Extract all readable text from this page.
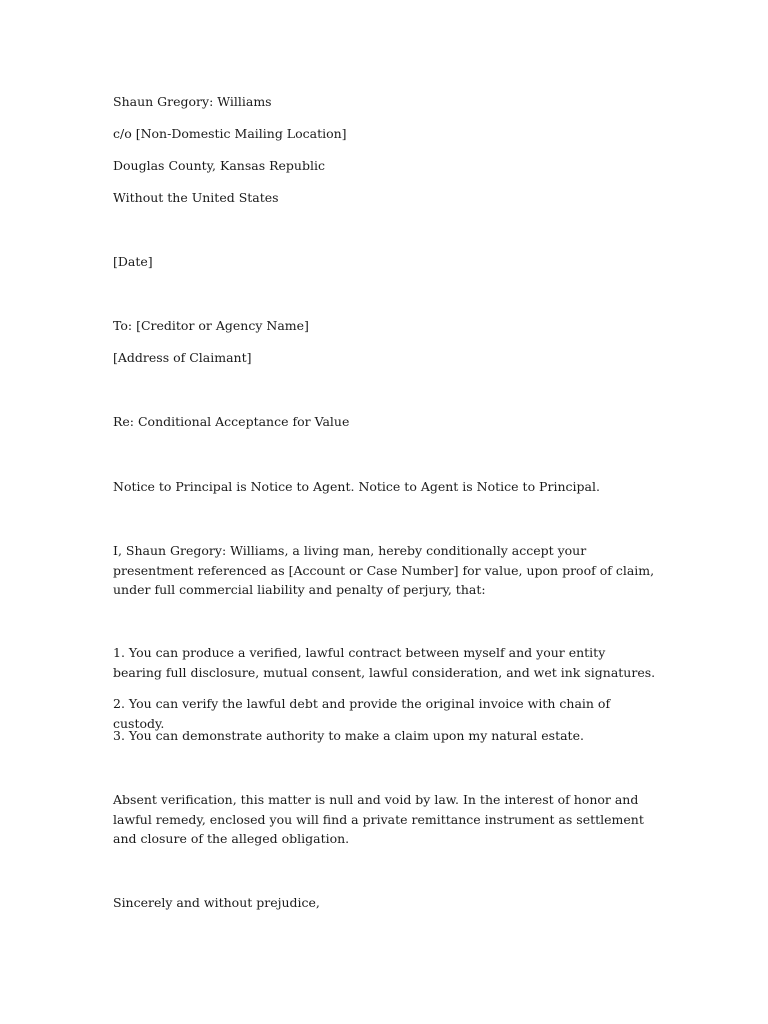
Shaun Gregory: Williams

c/o [Non-Domestic Mailing Location]

Douglas County, Kansas Republic

Without the United States

[Date]

To: [Creditor or Agency Name]

[Address of Claimant]

Re: Conditional Acceptance for Value

Notice to Principal is Notice to Agent. Notice to Agent is Notice to Principal.

I, Shaun Gregory: Williams, a living man, hereby conditionally accept your presentment referenced as [Account or Case Number] for value, upon proof of claim, under full commercial liability and penalty of perjury, that:

1. You can produce a verified, lawful contract between myself and your entity bearing full disclosure, mutual consent, lawful consideration, and wet ink signatures.

2. You can verify the lawful debt and provide the original invoice with chain of custody.

3. You can demonstrate authority to make a claim upon my natural estate.

Absent verification, this matter is null and void by law. In the interest of honor and lawful remedy, enclosed you will find a private remittance instrument as settlement and closure of the alleged obligation.

Sincerely and without prejudice,
